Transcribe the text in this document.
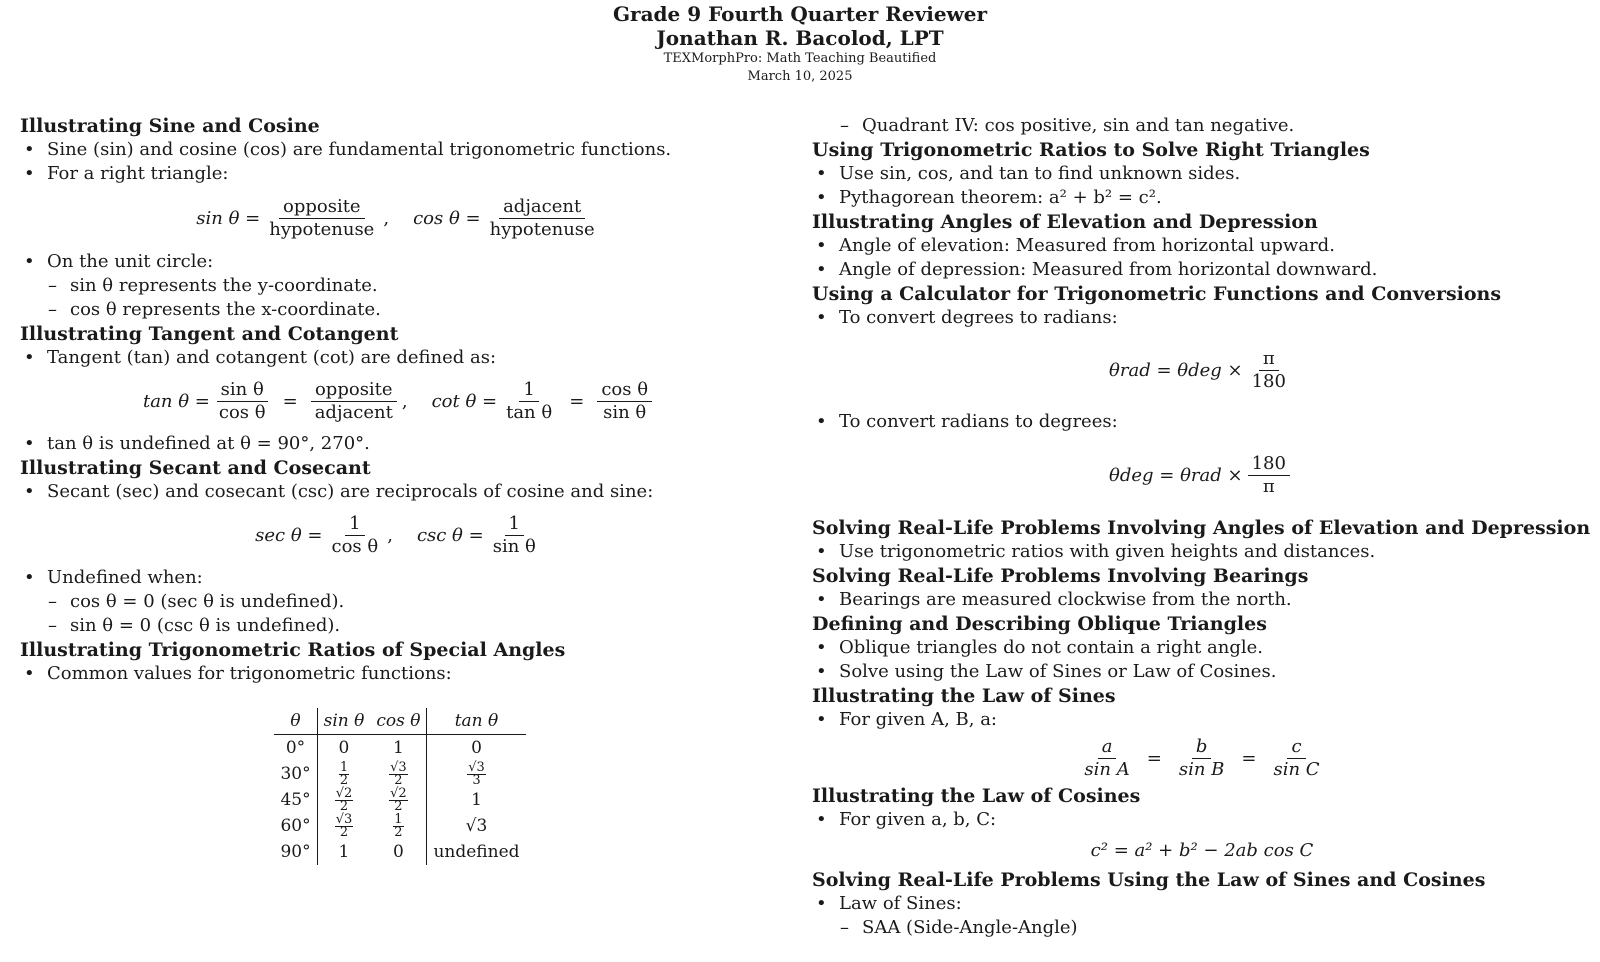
Grade 9 Fourth Quarter Reviewer
Jonathan R. Bacolod, LPT
TEXMorphPro: Math Teaching Beautified
March 10, 2025
Illustrating Sine and Cosine
• Sine (sin) and cosine (cos) are fundamental trigonometric functions.
• For a right triangle:
$\sin \theta = \frac{\text{opposite}}{\text{hypotenuse}}$ , $\cos \theta = \frac{\text{adjacent}}{\text{hypotenuse}}$
• On the unit circle:
– sin θ represents the y-coordinate.
– cos θ represents the x-coordinate.
Illustrating Tangent and Cotangent
• Tangent (tan) and cotangent (cot) are defined as:
$\tan \theta = \frac{\text{sin θ}}{\text{cos θ}} = \frac{\text{opposite}}{\text{adjacent}}$ , $\cot \theta = \frac{1}{\text{tan θ}} = \frac{\text{cos θ}}{\text{sin θ}}$
• tan θ is undefined at θ = 90°, 270°.
Illustrating Secant and Cosecant
• Secant (sec) and cosecant (csc) are reciprocals of cosine and sine:
$\sec \theta = \frac{1}{\text{cos θ}}$ , $\csc \theta = \frac{1}{\text{sin θ}}$
• Undefined when:
– cos θ = 0 (sec θ is undefined).
– sin θ = 0 (csc θ is undefined).
Illustrating Trigonometric Ratios of Special Angles
• Common values for trigonometric functions:
θ	sin θ	cos θ	tan θ
0°	0	1	0
30°	$\frac{1}{2}$	$\frac{√3}{2}$	$\frac{√3}{3}$

45°	$\frac{√2}{2}$	$\frac{√2}{2}$	1
60°	$\frac{√3}{2}$	$\frac{1}{2}$	√3
90°	1	0	undefined
– Quadrant IV: cos positive, sin and tan negative.
Using Trigonometric Ratios to Solve Right Triangles
• Use sin, cos, and tan to find unknown sides.
• Pythagorean theorem: a² + b² = c².
Illustrating Angles of Elevation and Depression
• Angle of elevation: Measured from horizontal upward.
• Angle of depression: Measured from horizontal downward.
Using a Calculator for Trigonometric Functions and Conversions
• To convert degrees to radians:
$\theta rad = \theta deg \times \frac{\pi}{180}$
• To convert radians to degrees:
$\theta deg = \theta rad \times \frac{180}{\pi}$
Solving Real-Life Problems Involving Angles of Elevation and Depression
• Use trigonometric ratios with given heights and distances.
Solving Real-Life Problems Involving Bearings
• Bearings are measured clockwise from the north.
Defining and Describing Oblique Triangles
• Oblique triangles do not contain a right angle.
• Solve using the Law of Sines or Law of Cosines.
Illustrating the Law of Sines
• For given A, B, a:
$\frac{a}{\text{sin A}} = \frac{b}{\text{sin B}} = \frac{c}{\text{sin C}}$
Illustrating the Law of Cosines
• For given a, b, C:
c² = a² + b² − 2ab cos C
Solving Real-Life Problems Using the Law of Sines and Cosines
• Law of Sines:
– SAA (Side-Angle-Angle)
